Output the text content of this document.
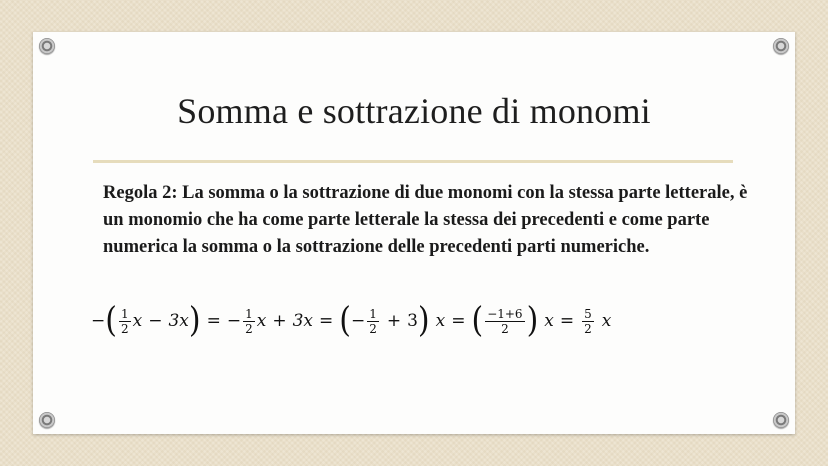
Somma e sottrazione di monomi
Regola 2: La somma o la sottrazione di due monomi con la stessa parte letterale, è un monomio che ha come parte letterale la stessa dei precedenti e come parte numerica la somma o la sottrazione delle precedenti parti numeriche.
− ( $\frac{1}{2}$ x − 3x ) = − $\frac{1}{2}$ x + 3x = ( − $\frac{1}{2} + 3$ ) x = ( $\frac{-1+6}{2}$ ) $x = \frac{5}{2}$ x
